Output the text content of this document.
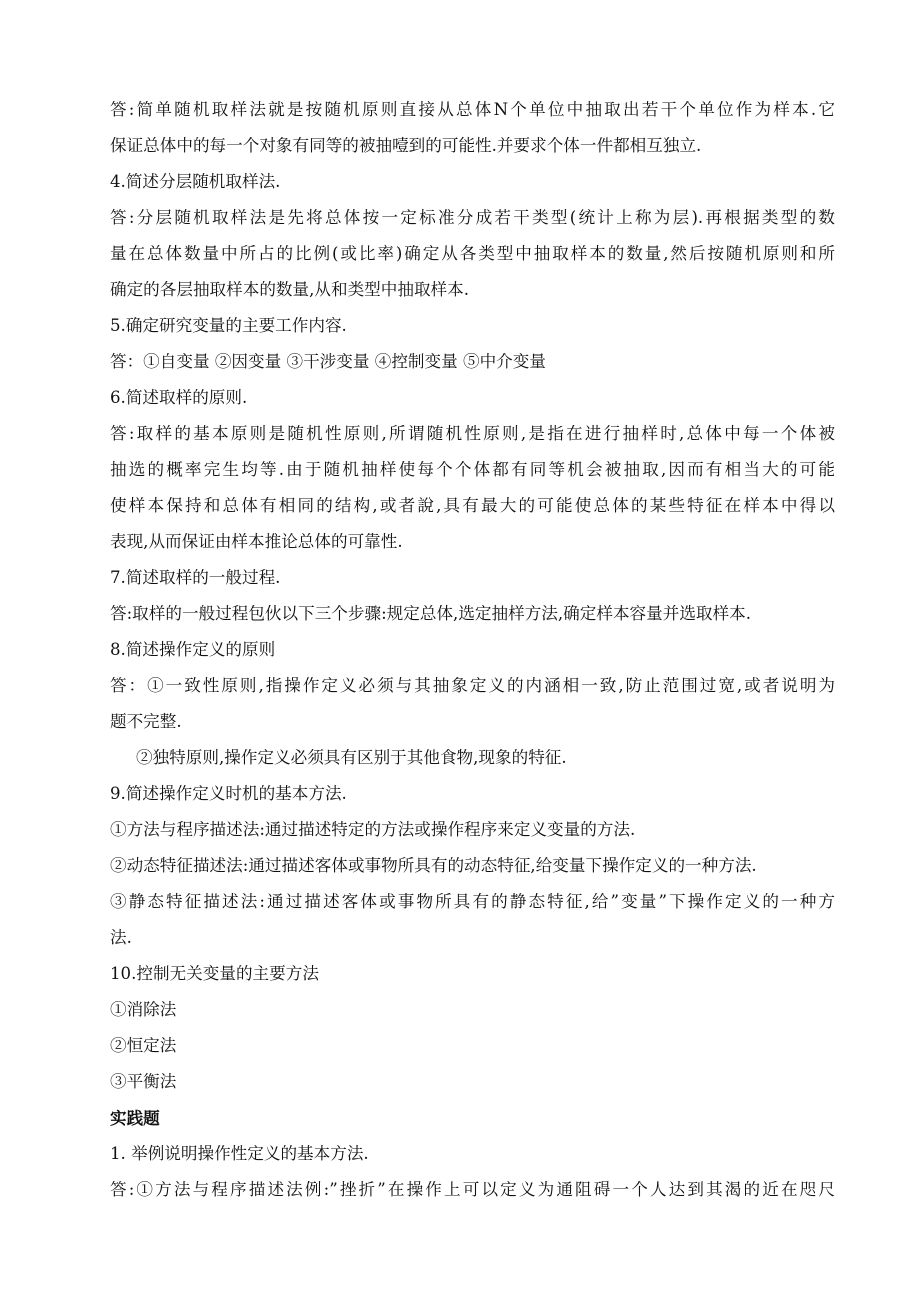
答:简单随机取样法就是按随机原则直接从总体N个单位中抽取出若干个单位作为样本.它
保证总体中的每一个对象有同等的被抽噎到的可能性.并要求个体一件都相互独立.
4.简述分层随机取样法.
答:分层随机取样法是先将总体按一定标准分成若干类型(统计上称为层).再根据类型的数
量在总体数量中所占的比例(或比率)确定从各类型中抽取样本的数量,然后按随机原则和所
确定的各层抽取样本的数量,从和类型中抽取样本.
5.确定研究变量的主要工作内容.
答：①自变量 ②因变量 ③干涉变量 ④控制变量 ⑤中介变量
6.简述取样的原则.
答:取样的基本原则是随机性原则,所谓随机性原则,是指在进行抽样时,总体中每一个体被
抽选的概率完生均等.由于随机抽样使每个个体都有同等机会被抽取,因而有相当大的可能
使样本保持和总体有相同的结构,或者說,具有最大的可能使总体的某些特征在样本中得以
表现,从而保证由样本推论总体的可靠性.
7.简述取样的一般过程.
答:取样的一般过程包伙以下三个步骤:规定总体,选定抽样方法,确定样本容量并选取样本.
8.简述操作定义的原则
答：①一致性原则,指操作定义必须与其抽象定义的内涵相一致,防止范围过宽,或者说明为
题不完整.
②独特原则,操作定义必须具有区别于其他食物,现象的特征.
9.简述操作定义时机的基本方法.
①方法与程序描述法:通过描述特定的方法或操作程序来定义变量的方法.
②动态特征描述法:通过描述客体或事物所具有的动态特征,给变量下操作定义的一种方法.
③静态特征描述法:通过描述客体或事物所具有的静态特征,给”变量”下操作定义的一种方
法.
10.控制无关变量的主要方法
①消除法
②恒定法
③平衡法
实践题
1. 举例说明操作性定义的基本方法.
答:①方法与程序描述法例:”挫折”在操作上可以定义为通阻碍一个人达到其渴的近在咫尺
